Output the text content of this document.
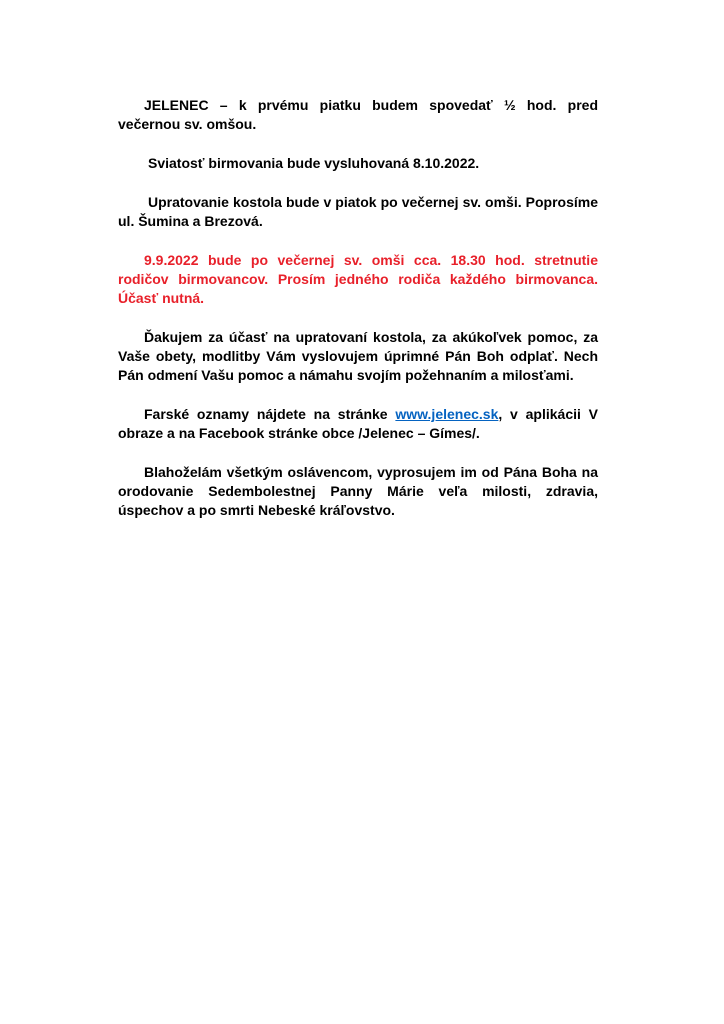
JELENEC – k prvému piatku budem spovedať ½ hod. pred večernou sv. omšou.

Sviatosť birmovania bude vysluhovaná 8.10.2022.

Upratovanie kostola bude v piatok po večernej sv. omši. Poprosíme ul. Šumina a Brezová.

9.9.2022 bude po večernej sv. omši cca. 18.30 hod. stretnutie rodičov birmovancov. Prosím jedného rodiča každého birmovanca. Účasť nutná.

Ďakujem za účasť na upratovaní kostola, za akúkoľvek pomoc, za Vaše obety, modlitby Vám vyslovujem úprimné Pán Boh odplať. Nech Pán odmení Vašu pomoc a námahu svojím požehnaním a milosťami.

Farské oznamy nájdete na stránke www.jelenec.sk, v aplikácii V obraze a na Facebook stránke obce /Jelenec – Gímes/.

Blahoželám všetkým oslávencom, vyprosujem im od Pána Boha na orodovanie Sedembolestnej Panny Márie veľa milosti, zdravia, úspechov a po smrti Nebeské kráľovstvo.
